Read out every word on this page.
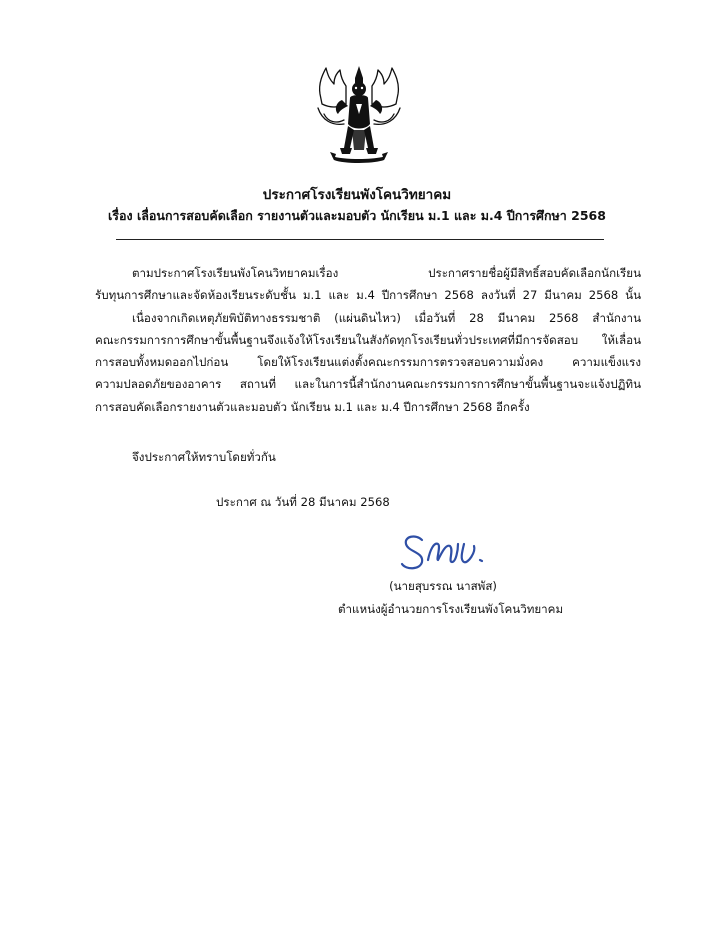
ประกาศโรงเรียนพังโคนวิทยาคม
เรื่อง เลื่อนการสอบคัดเลือก รายงานตัวและมอบตัว นักเรียน ม.1 และ ม.4 ปีการศึกษา 2568
ตามประกาศโรงเรียนพังโคนวิทยาคมเรื่อง ประกาศรายชื่อผู้มีสิทธิ์สอบคัดเลือกนักเรียน
รับทุนการศึกษาและจัดห้องเรียนระดับชั้น ม.1 และ ม.4 ปีการศึกษา 2568 ลงวันที่ 27 มีนาคม 2568 นั้น
เนื่องจากเกิดเหตุภัยพิบัติทางธรรมชาติ (แผ่นดินไหว) เมื่อวันที่ 28 มีนาคม 2568 สำนักงาน
คณะกรรมการการศึกษาขั้นพื้นฐานจึงแจ้งให้โรงเรียนในสังกัดทุกโรงเรียนทั่วประเทศที่มีการจัดสอบ ให้เลื่อน
การสอบทั้งหมดออกไปก่อน โดยให้โรงเรียนแต่งตั้งคณะกรรมการตรวจสอบความมั่งคง ความแข็งแรง
ความปลอดภัยของอาคาร สถานที่ และในการนี้สำนักงานคณะกรรมการการศึกษาขั้นพื้นฐานจะแจ้งปฏิทิน
การสอบคัดเลือกรายงานตัวและมอบตัว นักเรียน ม.1 และ ม.4 ปีการศึกษา 2568 อีกครั้ง
จึงประกาศให้ทราบโดยทั่วกัน
ประกาศ ณ วันที่ 28 มีนาคม 2568
(นายสุบรรณ นาสพัส)
ตำแหน่งผู้อำนวยการโรงเรียนพังโคนวิทยาคม
